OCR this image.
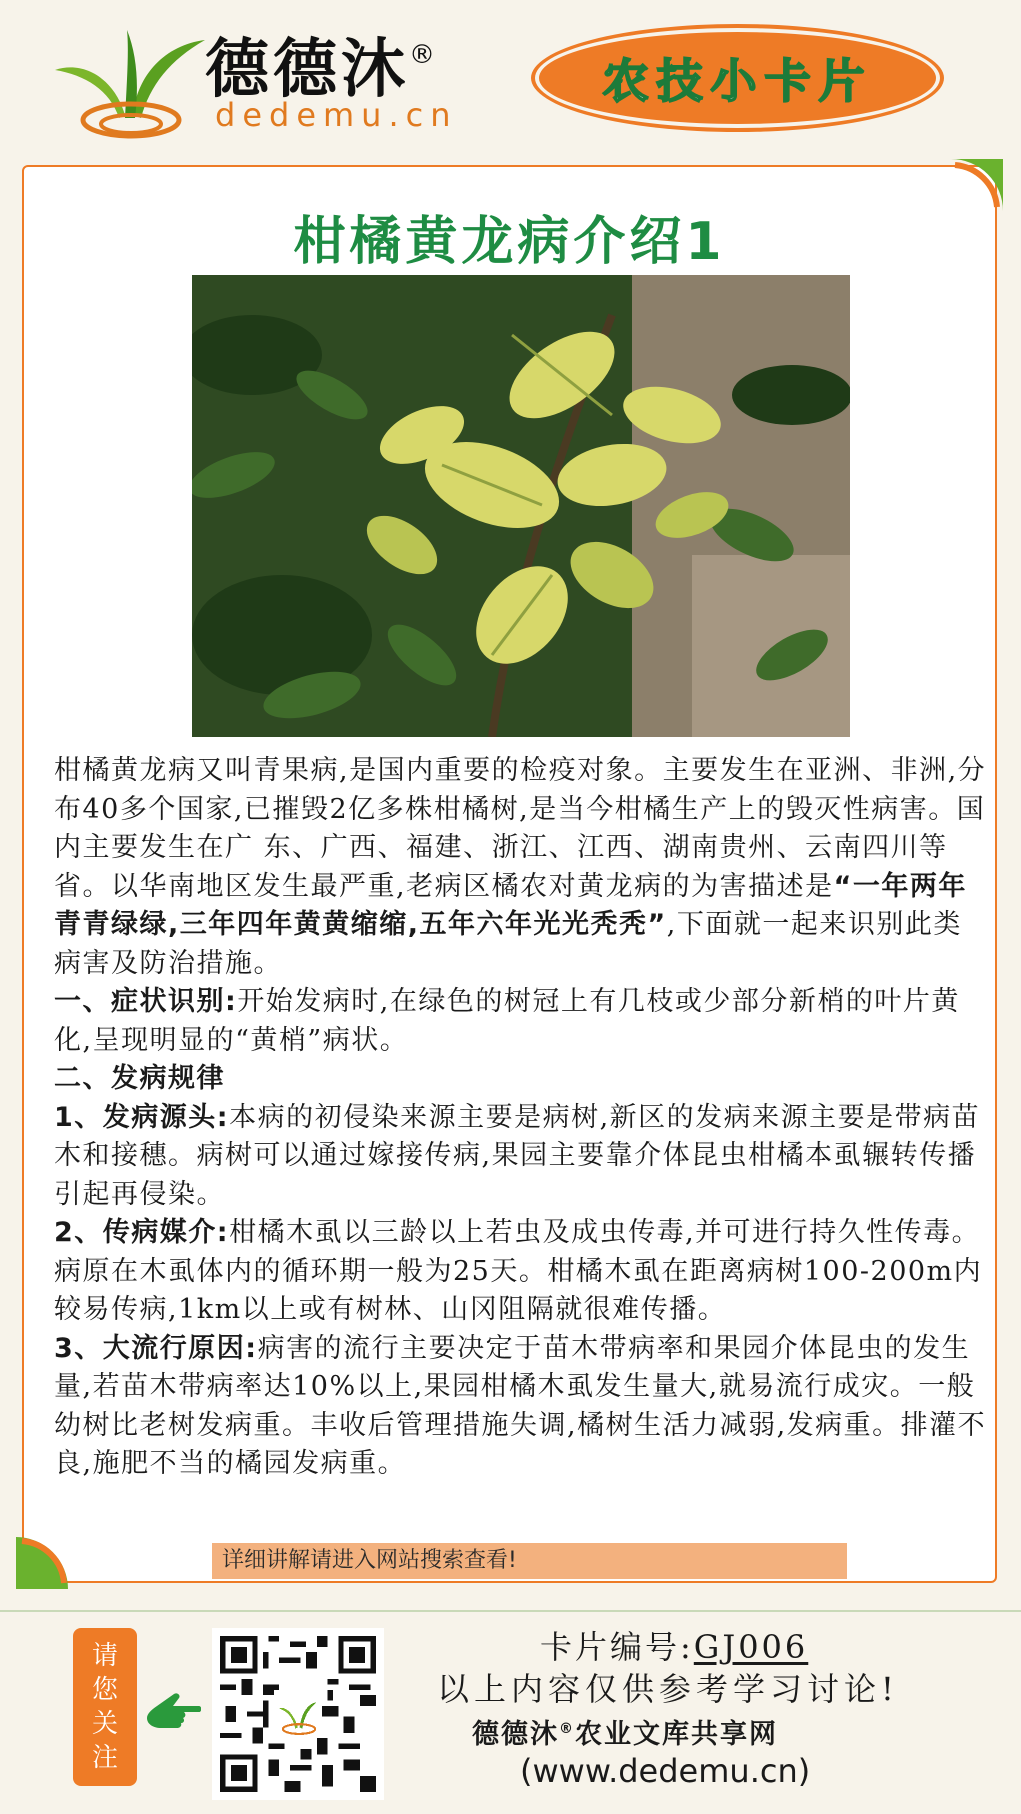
德德沐®
dedemu.cn
农技小卡片
柑橘黄龙病介绍1

柑橘黄龙病又叫青果病,是国内重要的检疫对象。主要发生在亚洲、非洲,分布40多个国家,已摧毁2亿多株柑橘树,是当今柑橘生产上的毁灭性病害。国内主要发生在广 东、广西、福建、浙江、江西、湖南贵州、云南四川等省。以华南地区发生最严重,老病区橘农对黄龙病的为害描述是“一年两年青青绿绿,三年四年黄黄缩缩,五年六年光光秃秃”,下面就一起来识别此类病害及防治措施。

一、症状识别:开始发病时,在绿色的树冠上有几枝或少部分新梢的叶片黄化,呈现明显的“黄梢”病状。

二、发病规律

1、发病源头:本病的初侵染来源主要是病树,新区的发病来源主要是带病苗木和接穗。病树可以通过嫁接传病,果园主要靠介体昆虫柑橘本虱辗转传播引起再侵染。

2、传病媒介:柑橘木虱以三龄以上若虫及成虫传毒,并可进行持久性传毒。病原在木虱体内的循环期一般为25天。柑橘木虱在距离病树100-200m内较易传病,1km以上或有树林、山冈阻隔就很难传播。

3、大流行原因:病害的流行主要决定于苗木带病率和果园介体昆虫的发生量,若苗木带病率达10%以上,果园柑橘木虱发生量大,就易流行成灾。一般幼树比老树发病重。丰收后管理措施失调,橘树生活力减弱,发病重。排灌不良,施肥不当的橘园发病重。

详细讲解请进入网站搜索查看!
请
您
关
注
卡片编号:GJ006
以上内容仅供参考学习讨论!
德德沐®农业文库共享网
(www.dedemu.cn)
